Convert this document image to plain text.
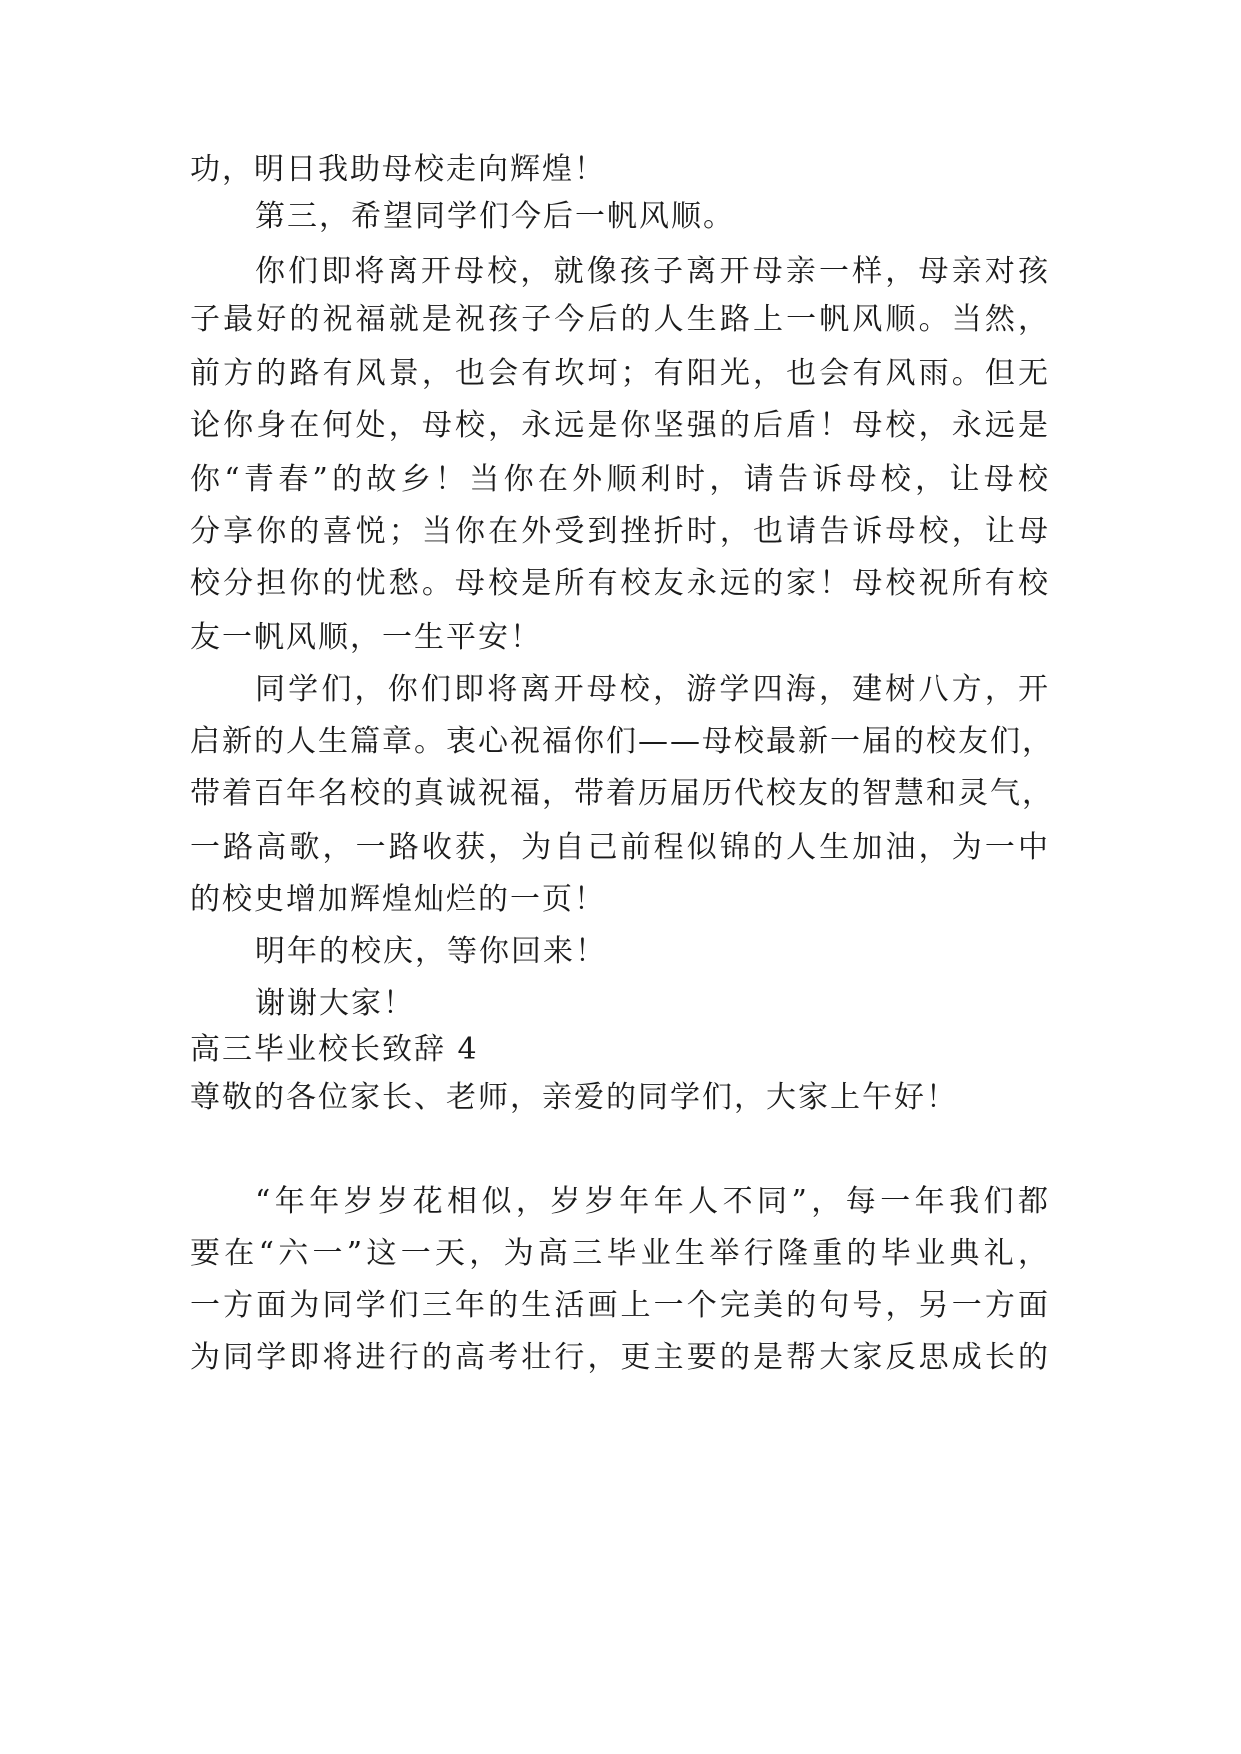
功，明日我助母校走向辉煌！
第三，希望同学们今后一帆风顺。
你们即将离开母校，就像孩子离开母亲一样，母亲对孩
子最好的祝福就是祝孩子今后的人生路上一帆风顺。当然，
前方的路有风景，也会有坎坷；有阳光，也会有风雨。但无
论你身在何处，母校，永远是你坚强的后盾！母校，永远是
你“青春”的故乡！当你在外顺利时，请告诉母校，让母校
分享你的喜悦；当你在外受到挫折时，也请告诉母校，让母
校分担你的忧愁。母校是所有校友永远的家！母校祝所有校
友一帆风顺，一生平安！
同学们，你们即将离开母校，游学四海，建树八方，开
启新的人生篇章。衷心祝福你们——母校最新一届的校友们，
带着百年名校的真诚祝福，带着历届历代校友的智慧和灵气，
一路高歌，一路收获，为自己前程似锦的人生加油，为一中
的校史增加辉煌灿烂的一页！
明年的校庆，等你回来！
谢谢大家！
高三毕业校长致辞 4
尊敬的各位家长、老师，亲爱的同学们，大家上午好！
“年年岁岁花相似，岁岁年年人不同”，每一年我们都
要在“六一”这一天，为高三毕业生举行隆重的毕业典礼，
一方面为同学们三年的生活画上一个完美的句号，另一方面
为同学即将进行的高考壮行，更主要的是帮大家反思成长的
